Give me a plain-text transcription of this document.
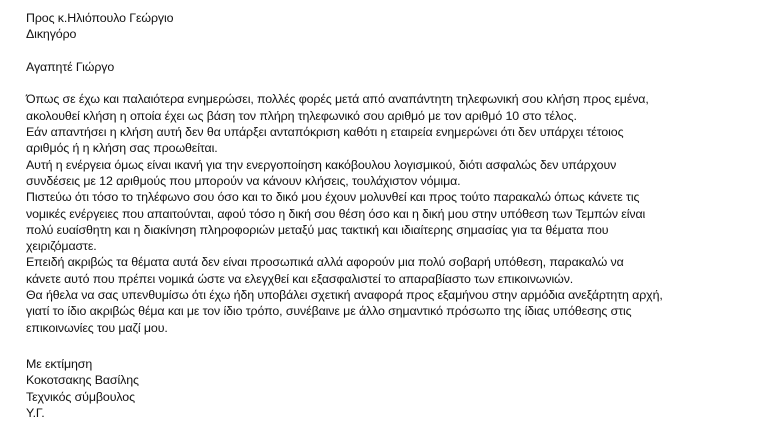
Προς κ.Ηλιόπουλο Γεώργιο
Δικηγόρο
Αγαπητέ Γιώργο
Όπως σε έχω και παλαιότερα ενημερώσει, πολλές φορές μετά από αναπάντητη τηλεφωνική σου κλήση προς εμένα,
ακολουθεί κλήση η οποία έχει ως βάση τον πλήρη τηλεφωνικό σου αριθμό με τον αριθμό 10 στο τέλος.
Εάν απαντήσει η κλήση αυτή δεν θα υπάρξει ανταπόκριση καθότι η εταιρεία ενημερώνει ότι δεν υπάρχει τέτοιος
αριθμός ή η κλήση σας προωθείται.
Αυτή η ενέργεια όμως είναι ικανή για την ενεργοποίηση κακόβουλου λογισμικού, διότι ασφαλώς δεν υπάρχουν
συνδέσεις με 12 αριθμούς που μπορούν να κάνουν κλήσεις, τουλάχιστον νόμιμα.
Πιστεύω ότι τόσο το τηλέφωνο σου όσο και το δικό μου έχουν μολυνθεί και προς τούτο παρακαλώ όπως κάνετε τις
νομικές ενέργειες που απαιτούνται, αφού τόσο η δική σου θέση όσο και η δική μου στην υπόθεση των Τεμπών είναι
πολύ ευαίσθητη και η διακίνηση πληροφοριών μεταξύ μας τακτική και ιδιαίτερης σημασίας για τα θέματα που
χειριζόμαστε.
Επειδή ακριβώς τα θέματα αυτά δεν είναι προσωπικά αλλά αφορούν μια πολύ σοβαρή υπόθεση, παρακαλώ να
κάνετε αυτό που πρέπει νομικά ώστε να ελεγχθεί και εξασφαλιστεί το απαραβίαστο των επικοινωνιών.
Θα ήθελα να σας υπενθυμίσω ότι έχω ήδη υποβάλει σχετική αναφορά προς εξαμήνου στην αρμόδια ανεξάρτητη αρχή,
γιατί το ίδιο ακριβώς θέμα και με τον ίδιο τρόπο, συνέβαινε με άλλο σημαντικό πρόσωπο της ίδιας υπόθεσης στις
επικοινωνίες του μαζί μου.
Με εκτίμηση
Κοκοτσακης Βασίλης
Τεχνικός σύμβουλος
Υ.Γ.
